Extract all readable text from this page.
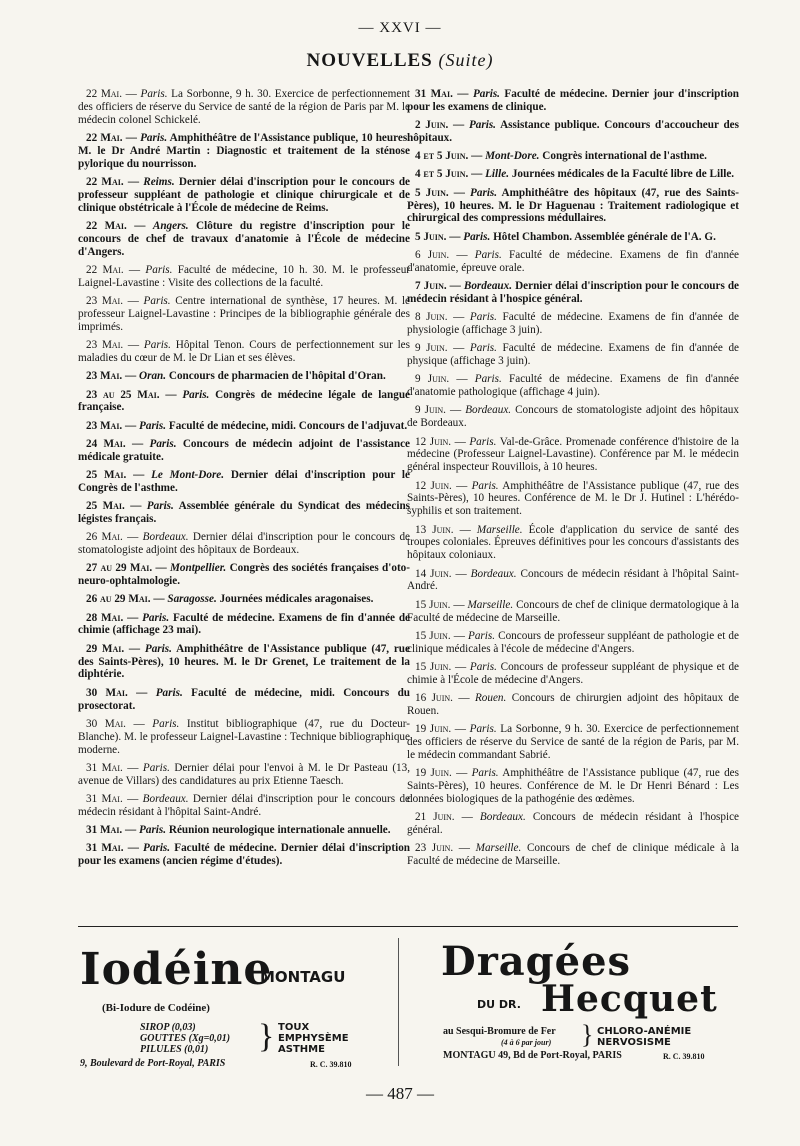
— XXVI —
NOUVELLES (Suite)

22 Mai. — Paris. La Sorbonne, 9 h. 30. Exercice de perfectionnement des officiers de réserve du Service de santé de la région de Paris par M. le médecin colonel Schickelé.

22 Mai. — Paris. Amphithéâtre de l'Assistance publique, 10 heures. M. le Dr André Martin : Diagnostic et traitement de la sténose pylorique du nourrisson.

22 Mai. — Reims. Dernier délai d'inscription pour le concours de professeur suppléant de pathologie et clinique chirurgicale et de clinique obstétricale à l'École de médecine de Reims.

22 Mai. — Angers. Clôture du registre d'inscription pour le concours de chef de travaux d'anatomie à l'École de médecine d'Angers.

22 Mai. — Paris. Faculté de médecine, 10 h. 30. M. le professeur Laignel-Lavastine : Visite des collections de la faculté.

23 Mai. — Paris. Centre international de synthèse, 17 heures. M. le professeur Laignel-Lavastine : Principes de la bibliographie générale des imprimés.

23 Mai. — Paris. Hôpital Tenon. Cours de perfectionnement sur les maladies du cœur de M. le Dr Lian et ses élèves.

23 Mai. — Oran. Concours de pharmacien de l'hôpital d'Oran.

23 au 25 Mai. — Paris. Congrès de médecine légale de langue française.

23 Mai. — Paris. Faculté de médecine, midi. Concours de l'adjuvat.

24 Mai. — Paris. Concours de médecin adjoint de l'assistance médicale gratuite.

25 Mai. — Le Mont-Dore. Dernier délai d'inscription pour le Congrès de l'asthme.

25 Mai. — Paris. Assemblée générale du Syndicat des médecins légistes français.

26 Mai. — Bordeaux. Dernier délai d'inscription pour le concours de stomatologiste adjoint des hôpitaux de Bordeaux.

27 au 29 Mai. — Montpellier. Congrès des sociétés françaises d'oto-neuro-ophtalmologie.

26 au 29 Mai. — Saragosse. Journées médicales aragonaises.

28 Mai. — Paris. Faculté de médecine. Examens de fin d'année de chimie (affichage 23 mai).

29 Mai. — Paris. Amphithéâtre de l'Assistance publique (47, rue des Saints-Pères), 10 heures. M. le Dr Grenet, Le traitement de la diphtérie.

30 Mai. — Paris. Faculté de médecine, midi. Concours du prosectorat.

30 Mai. — Paris. Institut bibliographique (47, rue du Docteur-Blanche). M. le professeur Laignel-Lavastine : Technique bibliographique moderne.

31 Mai. — Paris. Dernier délai pour l'envoi à M. le Dr Pasteau (13, avenue de Villars) des candidatures au prix Etienne Taesch.

31 Mai. — Bordeaux. Dernier délai d'inscription pour le concours de médecin résidant à l'hôpital Saint-André.

31 Mai. — Paris. Réunion neurologique internationale annuelle.

31 Mai. — Paris. Faculté de médecine. Dernier délai d'inscription pour les examens (ancien régime d'études).

31 Mai. — Paris. Faculté de médecine. Dernier jour d'inscription pour les examens de clinique.

2 Juin. — Paris. Assistance publique. Concours d'accoucheur des hôpitaux.

4 et 5 Juin. — Mont-Dore. Congrès international de l'asthme.

4 et 5 Juin. — Lille. Journées médicales de la Faculté libre de Lille.

5 Juin. — Paris. Amphithéâtre des hôpitaux (47, rue des Saints-Pères), 10 heures. M. le Dr Haguenau : Traitement radiologique et chirurgical des compressions médullaires.

5 Juin. — Paris. Hôtel Chambon. Assemblée générale de l'A. G.

6 Juin. — Paris. Faculté de médecine. Examens de fin d'année d'anatomie, épreuve orale.

7 Juin. — Bordeaux. Dernier délai d'inscription pour le concours de médecin résidant à l'hospice général.

8 Juin. — Paris. Faculté de médecine. Examens de fin d'année de physiologie (affichage 3 juin).

9 Juin. — Paris. Faculté de médecine. Examens de fin d'année de physique (affichage 3 juin).

9 Juin. — Paris. Faculté de médecine. Examens de fin d'année d'anatomie pathologique (affichage 4 juin).

9 Juin. — Bordeaux. Concours de stomatologiste adjoint des hôpitaux de Bordeaux.

12 Juin. — Paris. Val-de-Grâce. Promenade conférence d'histoire de la médecine (Professeur Laignel-Lavastine). Conférence par M. le médecin général inspecteur Rouvillois, à 10 heures.

12 Juin. — Paris. Amphithéâtre de l'Assistance publique (47, rue des Saints-Pères), 10 heures. Conférence de M. le Dr J. Hutinel : L'hérédo-syphilis et son traitement.

13 Juin. — Marseille. École d'application du service de santé des troupes coloniales. Épreuves définitives pour les concours d'assistants des hôpitaux coloniaux.

14 Juin. — Bordeaux. Concours de médecin résidant à l'hôpital Saint-André.

15 Juin. — Marseille. Concours de chef de clinique dermatologique à la Faculté de médecine de Marseille.

15 Juin. — Paris. Concours de professeur suppléant de pathologie et de clinique médicales à l'école de médecine d'Angers.

15 Juin. — Paris. Concours de professeur suppléant de physique et de chimie à l'École de médecine d'Angers.

16 Juin. — Rouen. Concours de chirurgien adjoint des hôpitaux de Rouen.

19 Juin. — Paris. La Sorbonne, 9 h. 30. Exercice de perfectionnement des officiers de réserve du Service de santé de la région de Paris, par M. le médecin commandant Sabrié.

19 Juin. — Paris. Amphithéâtre de l'Assistance publique (47, rue des Saints-Pères), 10 heures. Conférence de M. le Dr Henri Bénard : Les données biologiques de la pathogénie des œdèmes.

21 Juin. — Bordeaux. Concours de médecin résidant à l'hospice général.

23 Juin. — Marseille. Concours de chef de clinique médicale à la Faculté de médecine de Marseille.

Iodéine
MONTAGU
(Bi-Iodure de Codéine)
SIROP (0,03)
GOUTTES (Xg=0,01)
PILULES (0,01)	} TOUX
EMPHYSÈME
ASTHME
9, Boulevard de Port-Royal, PARIS	R. C. 39.810
Dragées
DU DR. Hecquet
au Sesqui-Bromure de Fer
(4 à 6 par jour) } CHLORO-ANÉMIE
NERVOSISME
MONTAGU 49, Bd de Port-Royal, PARIS	R. C. 39.810
— 487 —
